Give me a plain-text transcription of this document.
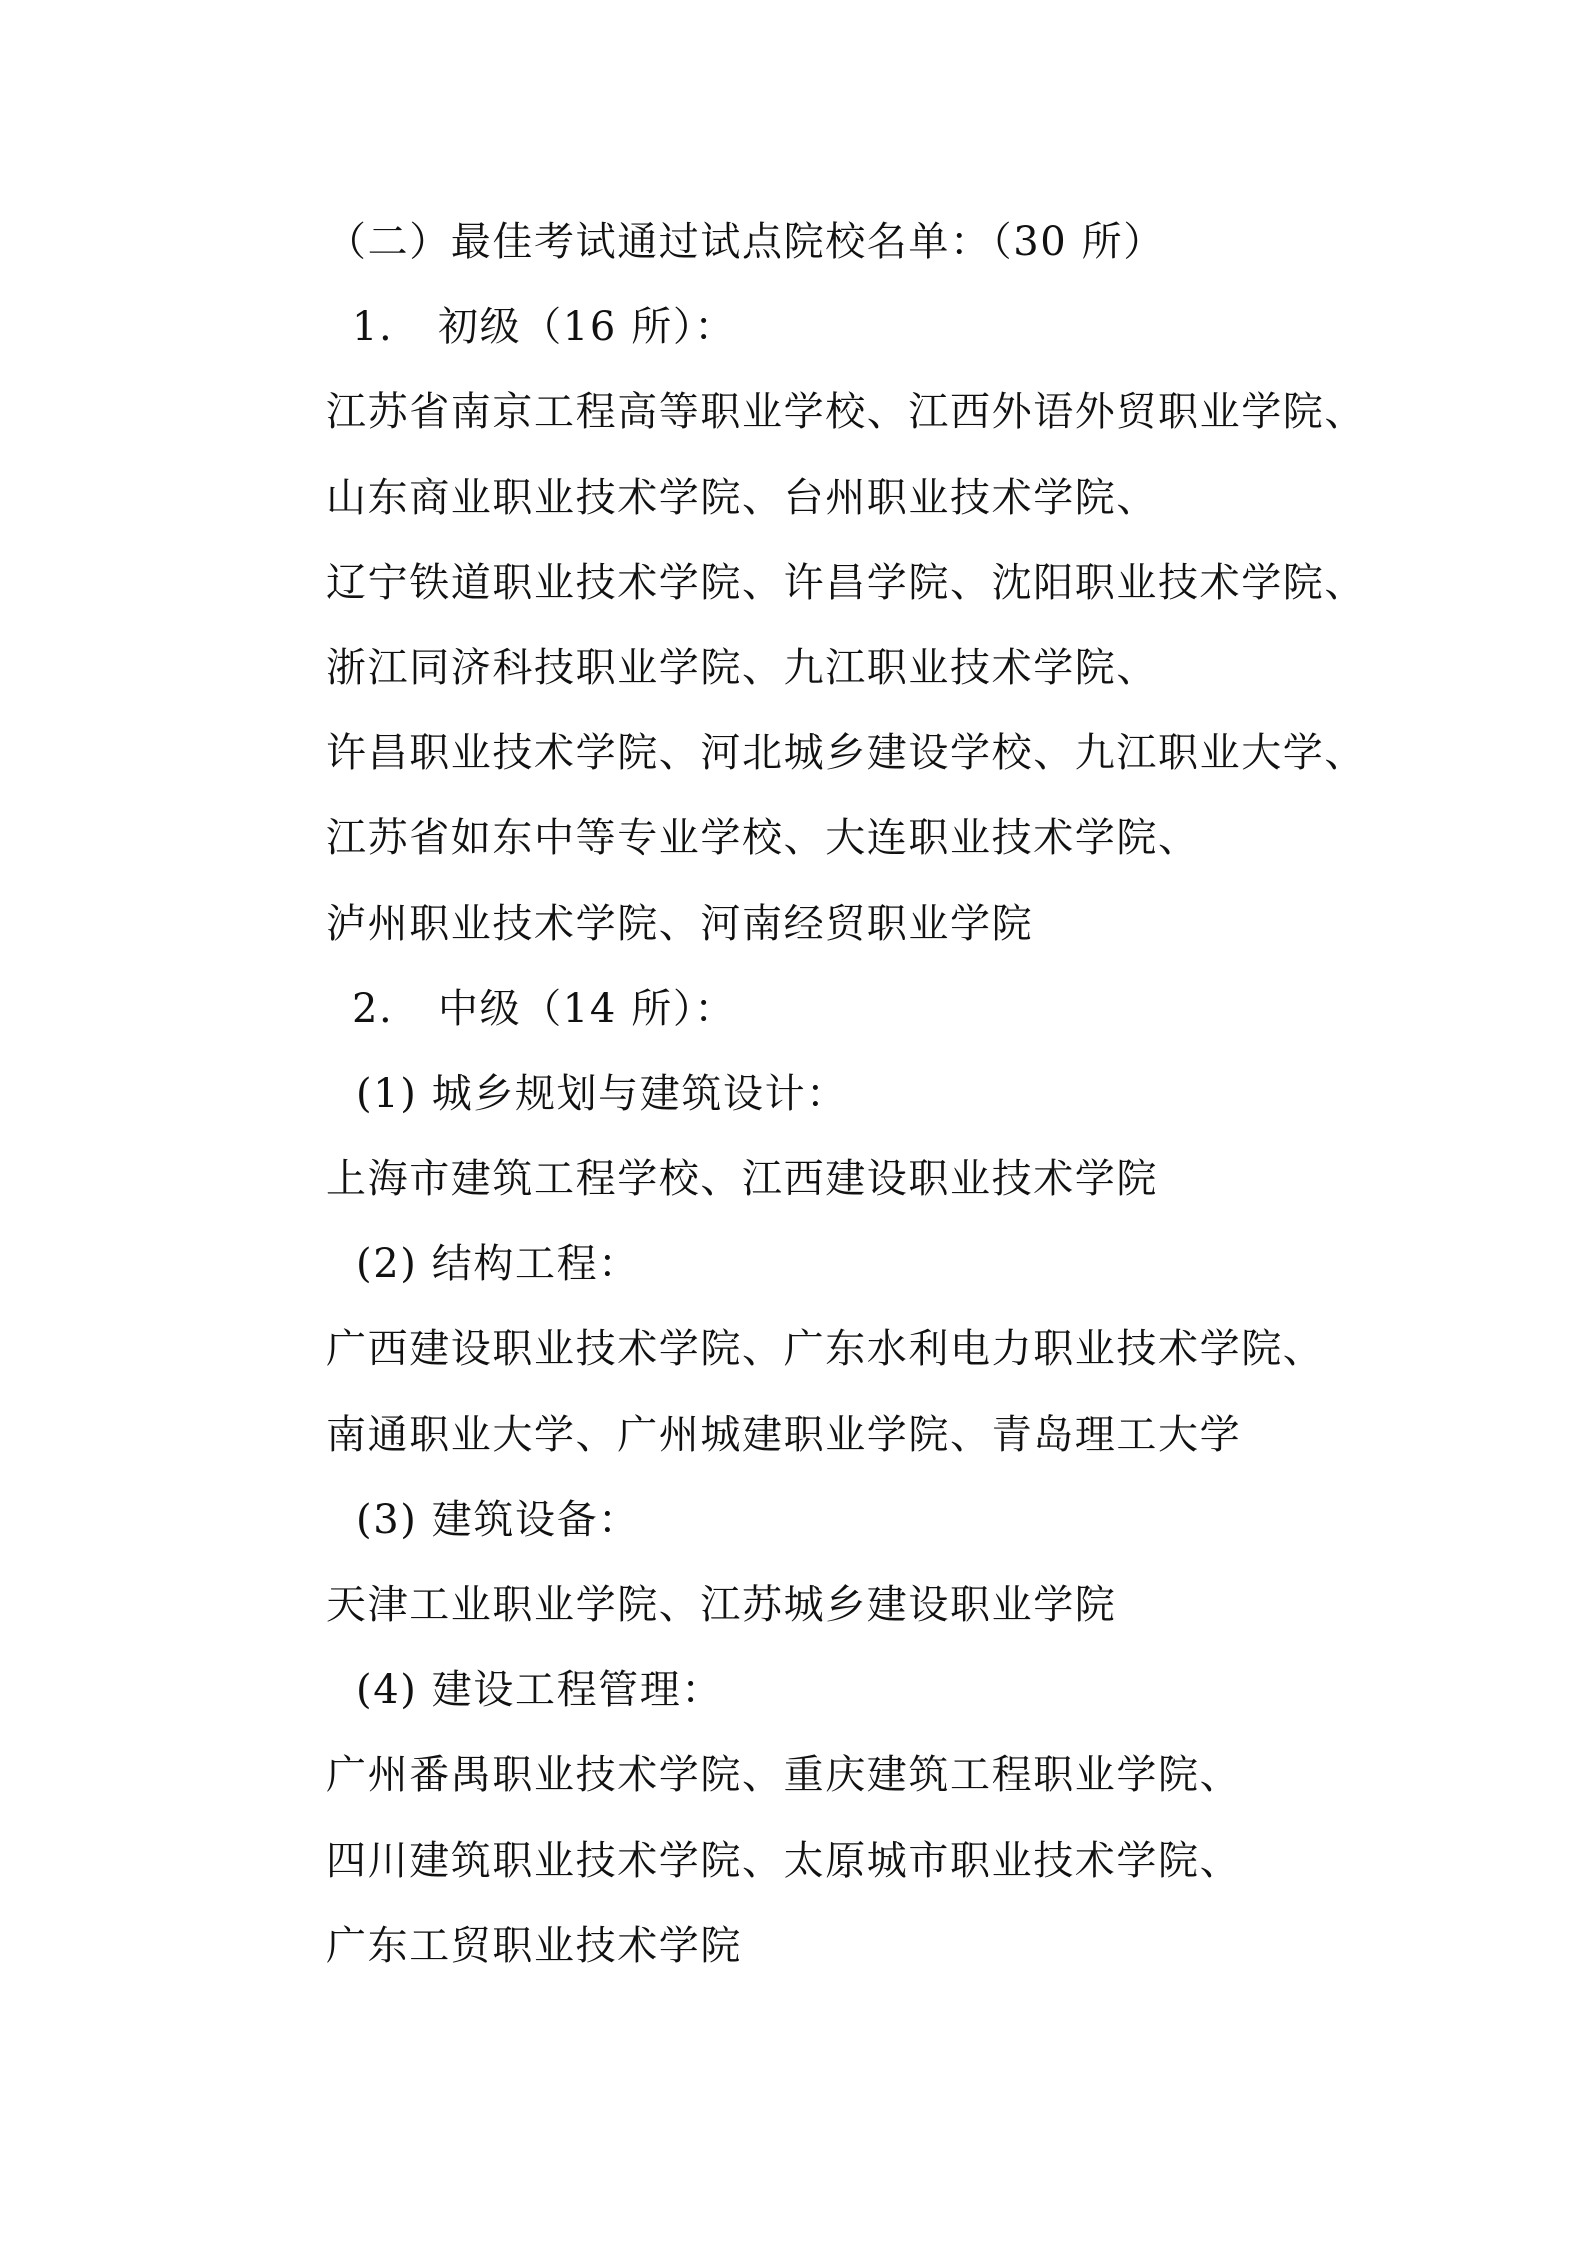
（二）最佳考试通过试点院校名单：（30 所）
1. 初级（16 所）：
江苏省南京工程高等职业学校、江西外语外贸职业学院、
山东商业职业技术学院、台州职业技术学院、
辽宁铁道职业技术学院、许昌学院、沈阳职业技术学院、
浙江同济科技职业学院、九江职业技术学院、
许昌职业技术学院、河北城乡建设学校、九江职业大学、
江苏省如东中等专业学校、大连职业技术学院、
泸州职业技术学院、河南经贸职业学院
2. 中级（14 所）：
(1) 城乡规划与建筑设计：
上海市建筑工程学校、江西建设职业技术学院
(2) 结构工程：
广西建设职业技术学院、广东水利电力职业技术学院、
南通职业大学、广州城建职业学院、青岛理工大学
(3) 建筑设备：
天津工业职业学院、江苏城乡建设职业学院
(4) 建设工程管理：
广州番禺职业技术学院、重庆建筑工程职业学院、
四川建筑职业技术学院、太原城市职业技术学院、
广东工贸职业技术学院
